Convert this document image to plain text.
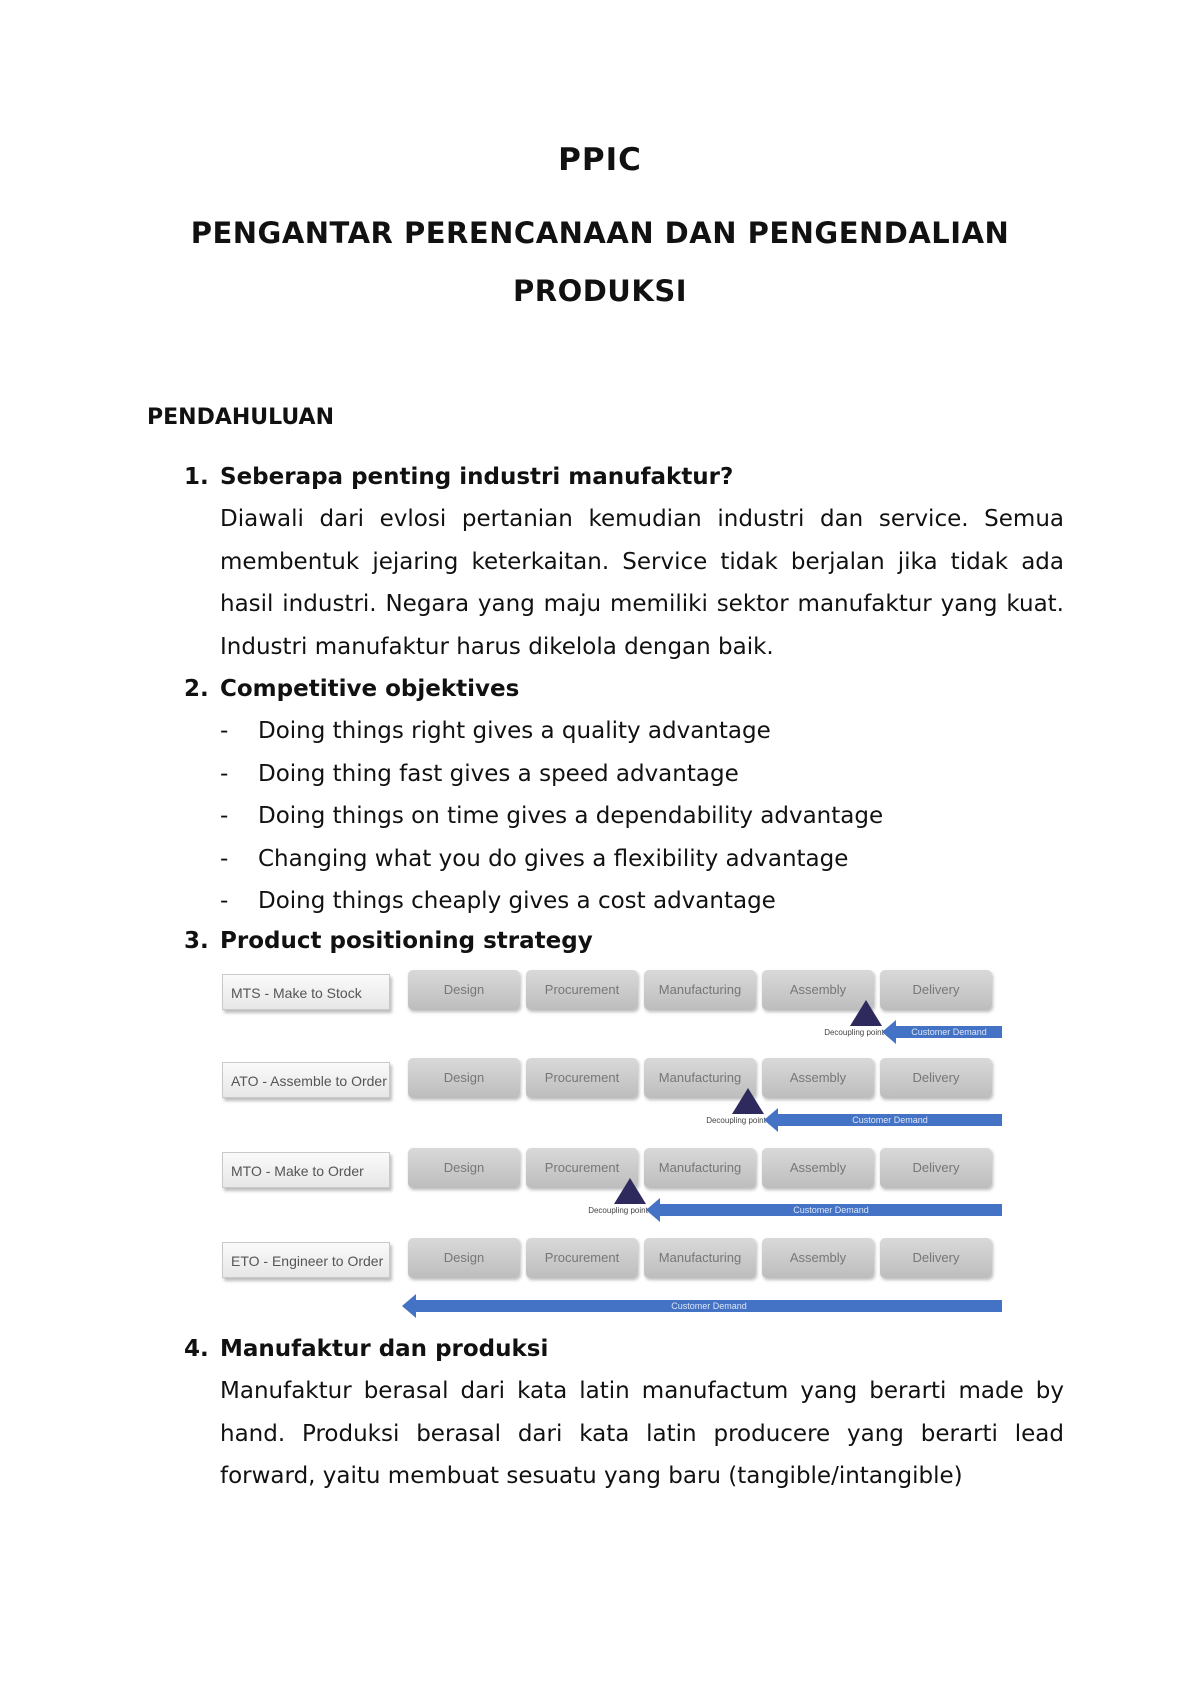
PPIC
PENGANTAR PERENCANAAN DAN PENGENDALIAN
PRODUKSI
PENDAHULUAN
1. Seberapa penting industri manufaktur?
Diawali dari evlosi pertanian kemudian industri dan service. Semua membentuk jejaring keterkaitan. Service tidak berjalan jika tidak ada hasil industri. Negara yang maju memiliki sektor manufaktur yang kuat. Industri manufaktur harus dikelola dengan baik.
2. Competitive objektives
-	Doing things right gives a quality advantage
-	Doing thing fast gives a speed advantage
-	Doing things on time gives a dependability advantage
-	Changing what you do gives a flexibility advantage
-	Doing things cheaply gives a cost advantage
3. Product positioning strategy
MTS - Make to Stock	Design	Procurement	Manufacturing	Assembly	Delivery
Decoupling point	Customer Demand
ATO - Assemble to Order	Design	Procurement	Manufacturing	Assembly	Delivery
Decoupling point	Customer Demand
MTO - Make to Order	Design	Procurement	Manufacturing	Assembly	Delivery
Decoupling point	Customer Demand
ETO - Engineer to Order	Design	Procurement	Manufacturing	Assembly	Delivery
Customer Demand
4. Manufaktur dan produksi
Manufaktur berasal dari kata latin manufactum yang berarti made by hand. Produksi berasal dari kata latin producere yang berarti lead forward, yaitu membuat sesuatu yang baru (tangible/intangible)
